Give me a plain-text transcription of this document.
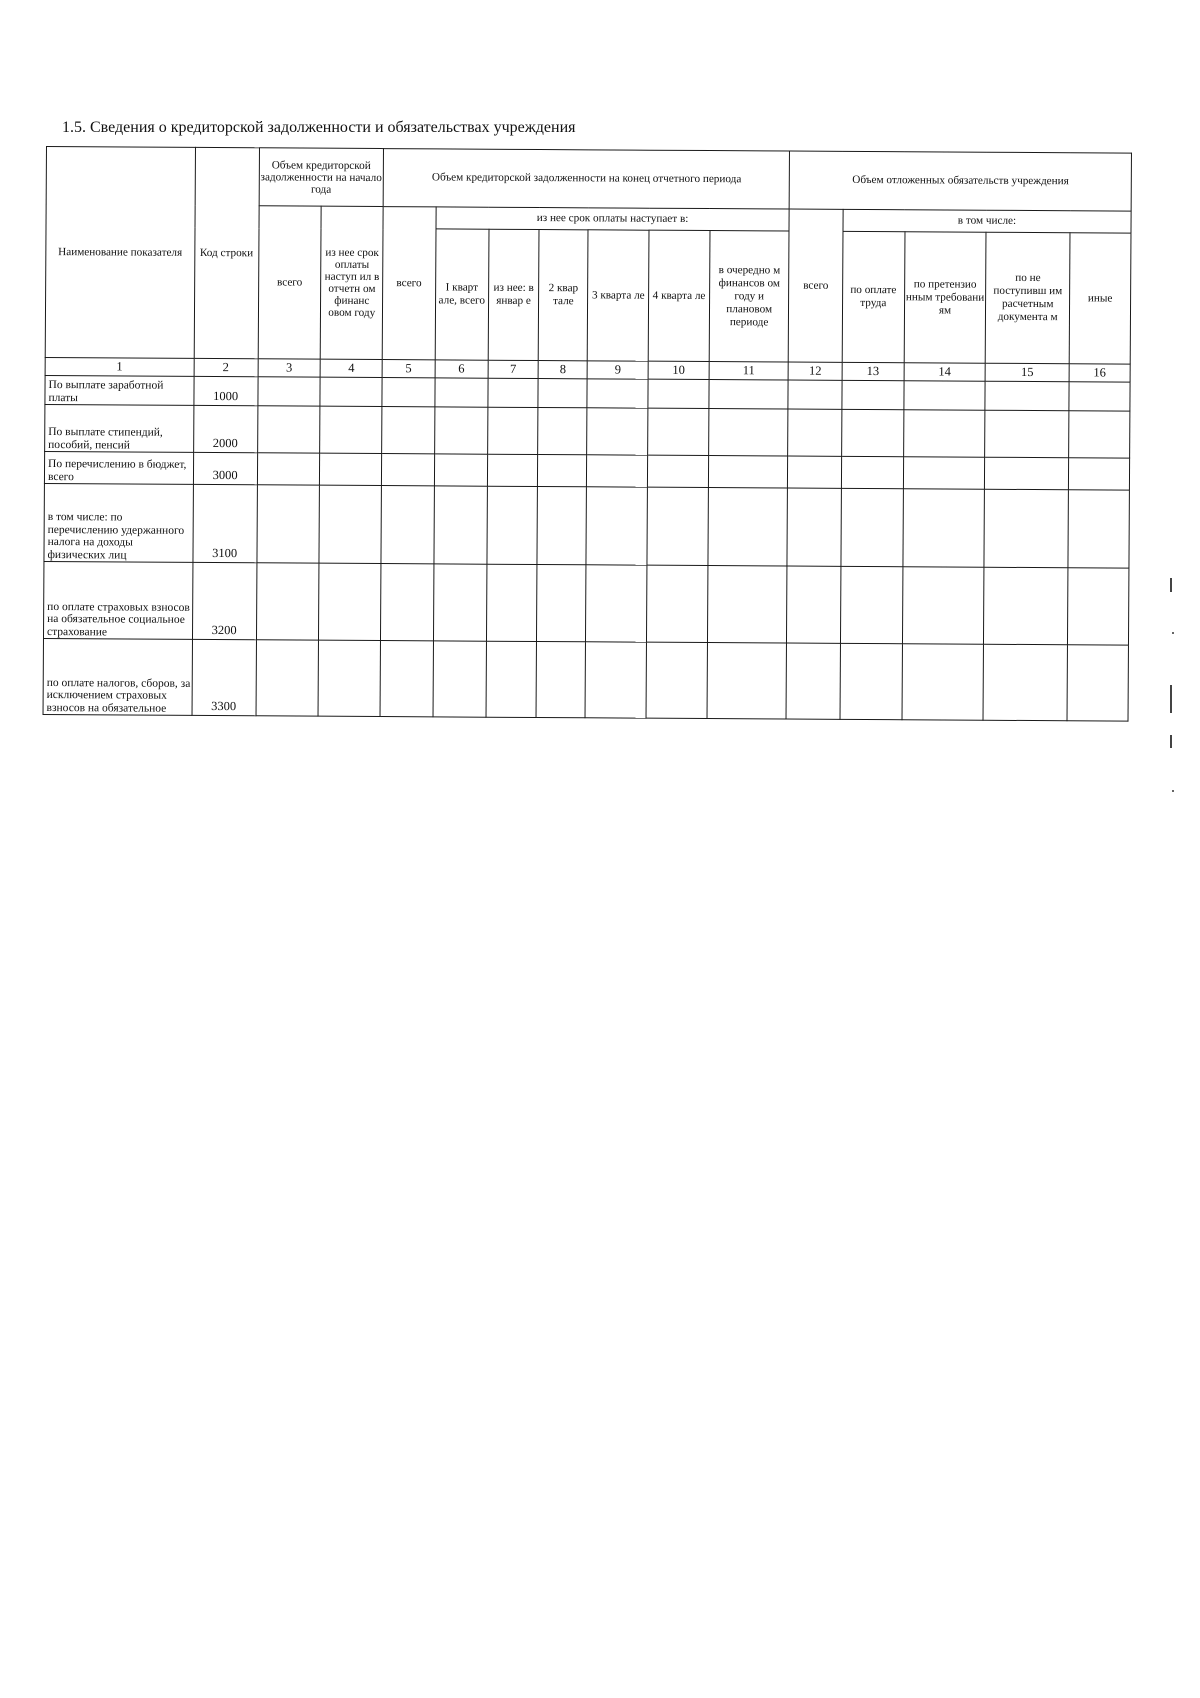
1.5. Сведения о кредиторской задолженности и обязательствах учреждения
Наименование показателя	Код строки	Объем кредиторской задолженности на начало года		Объем кредиторской задолженности на конец отчетного периода							Объем отложенных обязательств учреждения				
		всего	из нее срок оплаты наступ ил в отчетн ом финанс овом году	всего	из нее срок оплаты наступает в:						всего	в том числе:			
					I кварт але, всего	из нее: в январ е	2 квар тале	3 кварта ле	4 кварта ле	в очередно м финансов ом году и плановом периоде		по оплате труда	по претензио нным требовани ям	по не поступивш им расчетным документа м	иные
1	2	3	4	5	6	7	8	9	10	11	12	13	14	15	16
По выплате заработной платы	1000														
По выплате стипендий, пособий, пенсий	2000														
По перечислению в бюджет, всего	3000														
в том числе: по перечислению удержанного налога на доходы физических лиц	3100														
по оплате страховых взносов на обязательное социальное страхование	3200														
по оплате налогов, сборов, за исключением страховых взносов на обязательное	3300														
